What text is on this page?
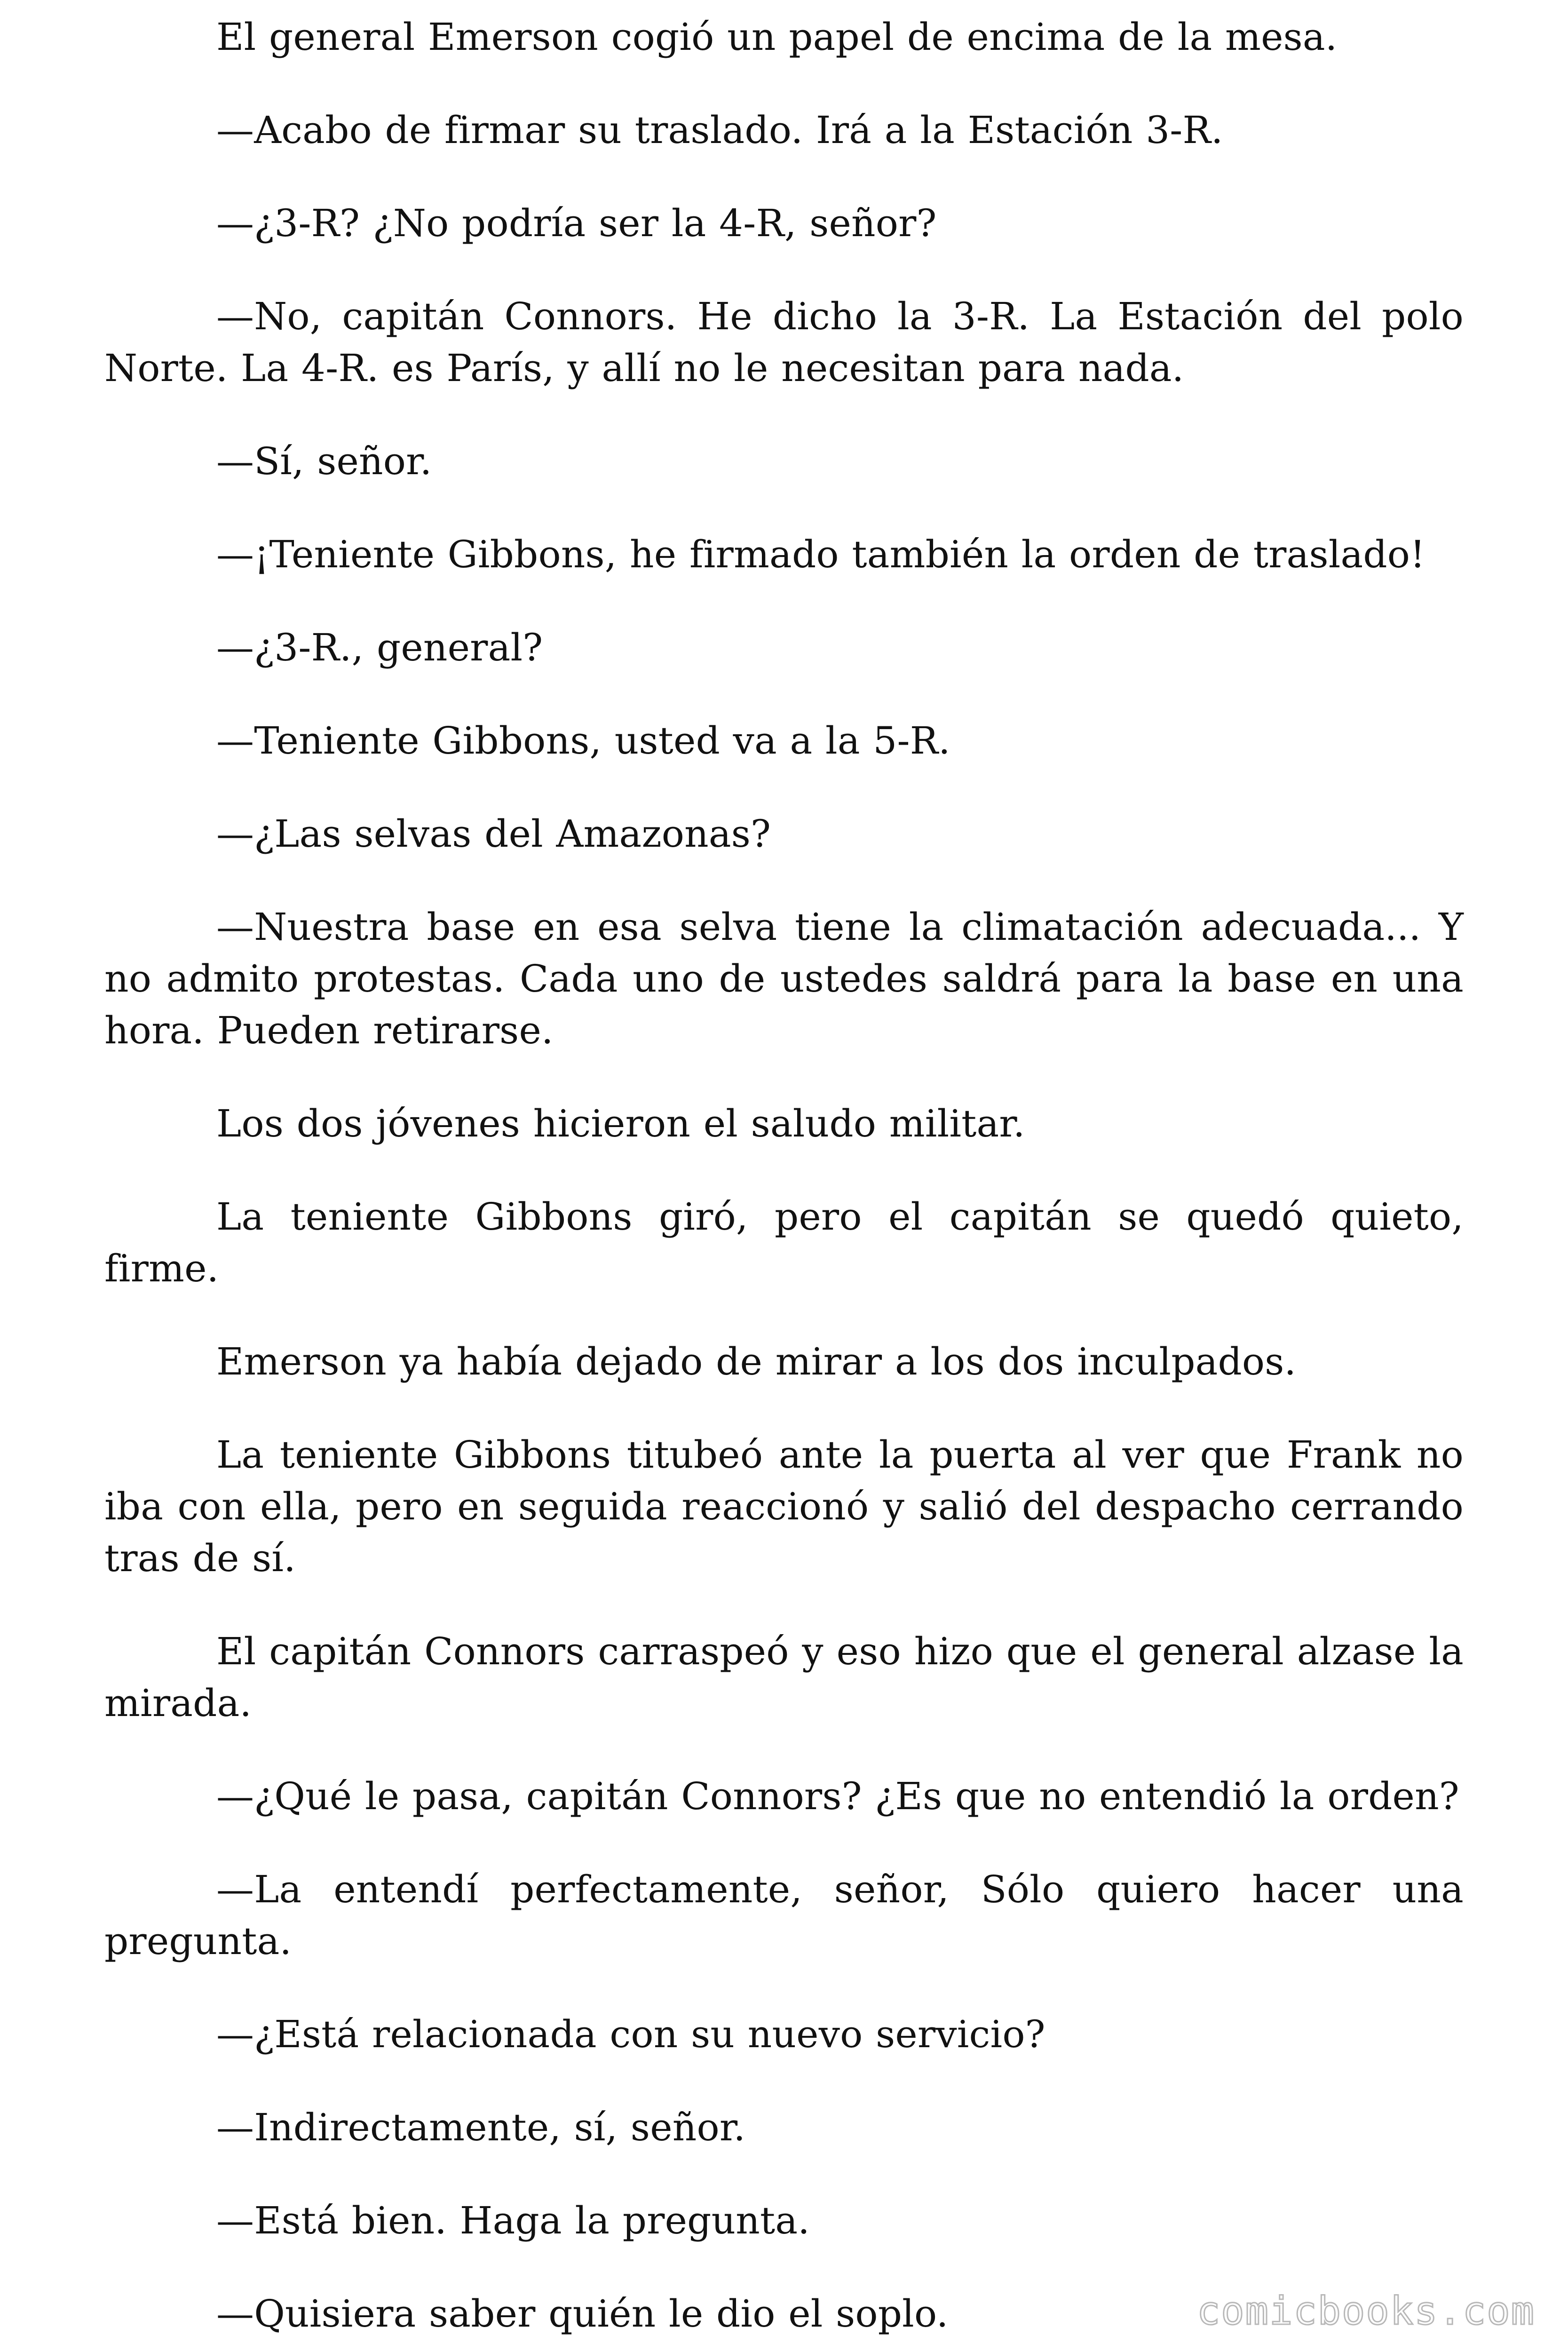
El general Emerson cogió un papel de encima de la mesa.

—Acabo de firmar su traslado. Irá a la Estación 3-R.

—¿3-R? ¿No podría ser la 4-R, señor?

—No, capitán Connors. He dicho la 3-R. La Estación del polo Norte. La 4-R. es París, y allí no le necesitan para nada.

—Sí, señor.

—¡Teniente Gibbons, he firmado también la orden de traslado!

—¿3-R., general?

—Teniente Gibbons, usted va a la 5-R.

—¿Las selvas del Amazonas?

—Nuestra base en esa selva tiene la climatación adecuada... Y no admito protestas. Cada uno de ustedes saldrá para la base en una hora. Pueden retirarse.

Los dos jóvenes hicieron el saludo militar.

La teniente Gibbons giró, pero el capitán se quedó quieto, firme.

Emerson ya había dejado de mirar a los dos inculpados.

La teniente Gibbons titubeó ante la puerta al ver que Frank no iba con ella, pero en seguida reaccionó y salió del despacho cerrando tras de sí.

El capitán Connors carraspeó y eso hizo que el general alzase la mirada.

—¿Qué le pasa, capitán Connors? ¿Es que no entendió la orden?

—La entendí perfectamente, señor, Sólo quiero hacer una pregunta.

—¿Está relacionada con su nuevo servicio?

—Indirectamente, sí, señor.

—Está bien. Haga la pregunta.

—Quisiera saber quién le dio el soplo.	comicbooks.com
